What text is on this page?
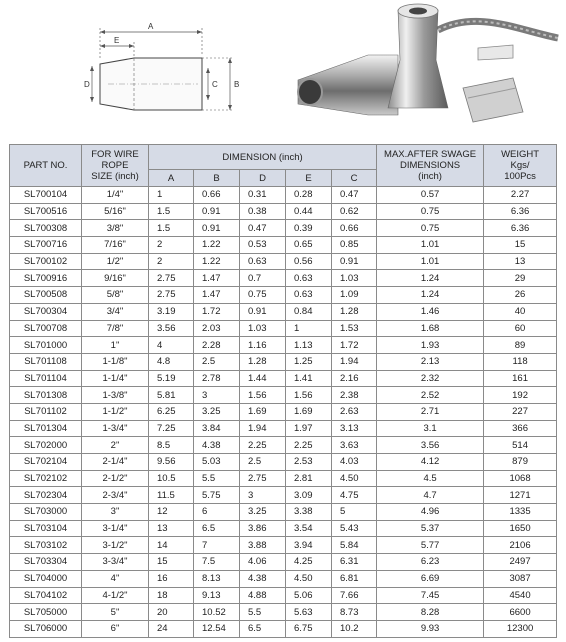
A
E
D	C B
PART NO.	FOR WIRE
ROPE
SIZE (inch)	DIMENSION (inch)					MAX.AFTER SWAGE
DIMENSIONS
(inch)	WEIGHT
Kgs/
100Pcs
		A	B	D	E	C		
SL700104	1/4"	1	0.66	0.31	0.28	0.47	0.57	2.27
SL700516	5/16"	1.5	0.91	0.38	0.44	0.62	0.75	6.36
SL700308	3/8"	1.5	0.91	0.47	0.39	0.66	0.75	6.36
SL700716	7/16"	2	1.22	0.53	0.65	0.85	1.01	15
SL700102	1/2"	2	1.22	0.63	0.56	0.91	1.01	13
SL700916	9/16"	2.75	1.47	0.7	0.63	1.03	1.24	29
SL700508	5/8"	2.75	1.47	0.75	0.63	1.09	1.24	26
SL700304	3/4"	3.19	1.72	0.91	0.84	1.28	1.46	40
SL700708	7/8"	3.56	2.03	1.03	1	1.53	1.68	60
SL701000	1"	4	2.28	1.16	1.13	1.72	1.93	89
SL701108	1-1/8"	4.8	2.5	1.28	1.25	1.94	2.13	118
SL701104	1-1/4"	5.19	2.78	1.44	1.41	2.16	2.32	161
SL701308	1-3/8"	5.81	3	1.56	1.56	2.38	2.52	192
SL701102	1-1/2"	6.25	3.25	1.69	1.69	2.63	2.71	227
SL701304	1-3/4"	7.25	3.84	1.94	1.97	3.13	3.1	366
SL702000	2"	8.5	4.38	2.25	2.25	3.63	3.56	514
SL702104	2-1/4"	9.56	5.03	2.5	2.53	4.03	4.12	879
SL702102	2-1/2"	10.5	5.5	2.75	2.81	4.50	4.5	1068
SL702304	2-3/4"	11.5	5.75	3	3.09	4.75	4.7	1271
SL703000	3"	12	6	3.25	3.38	5	4.96	1335
SL703104	3-1/4"	13	6.5	3.86	3.54	5.43	5.37	1650
SL703102	3-1/2"	14	7	3.88	3.94	5.84	5.77	2106
SL703304	3-3/4"	15	7.5	4.06	4.25	6.31	6.23	2497
SL704000	4"	16	8.13	4.38	4.50	6.81	6.69	3087
SL704102	4-1/2"	18	9.13	4.88	5.06	7.66	7.45	4540
SL705000	5"	20	10.52	5.5	5.63	8.73	8.28	6600
SL706000	6"	24	12.54	6.5	6.75	10.2	9.93	12300
